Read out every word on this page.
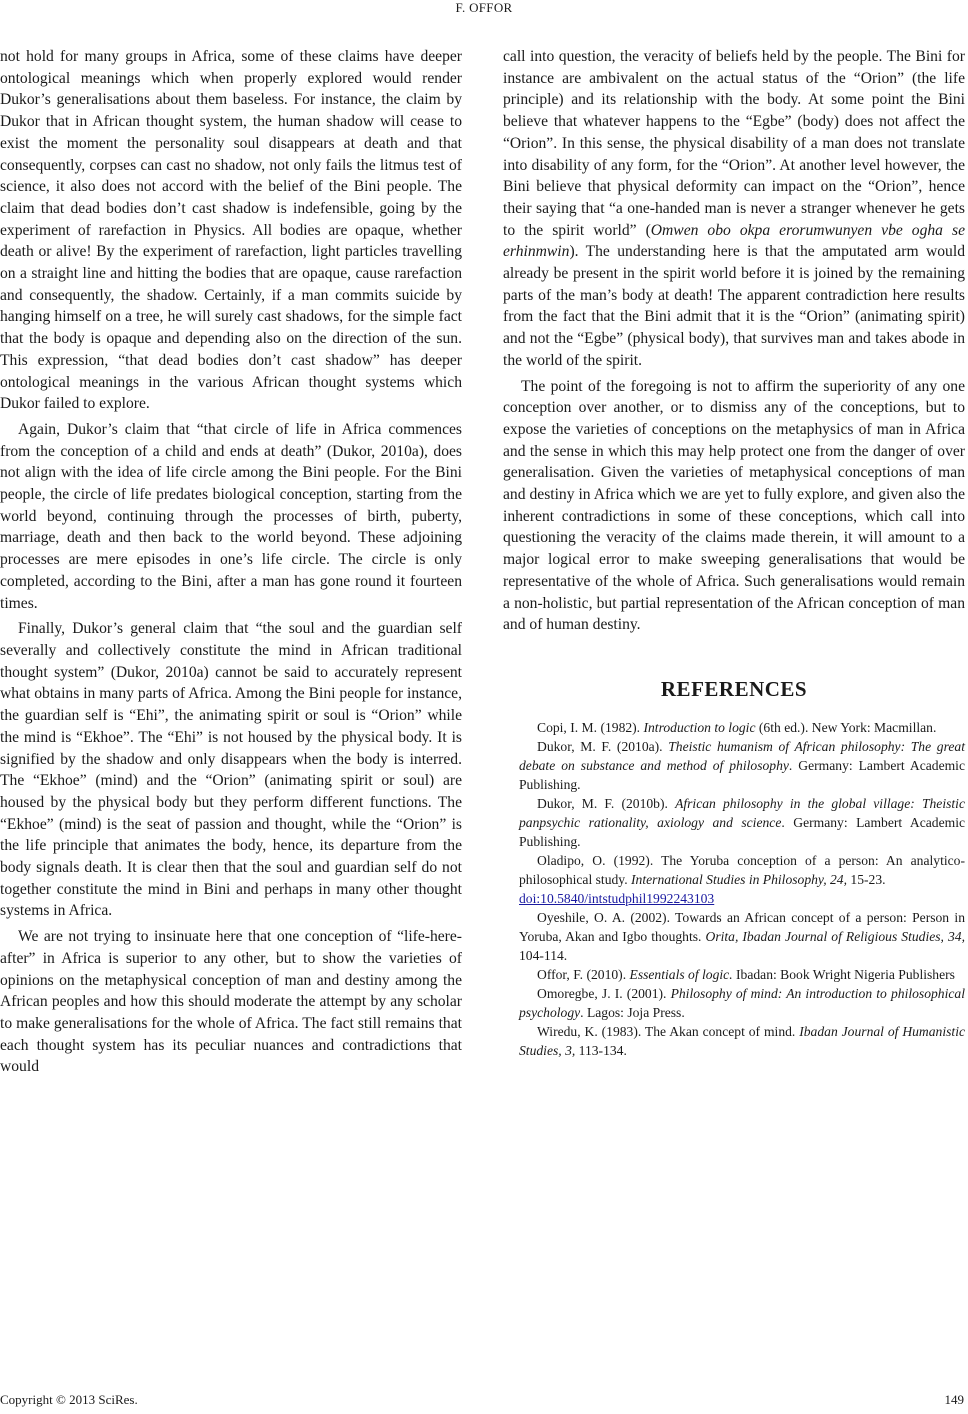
F. OFFOR

not hold for many groups in Africa, some of these claims have deeper ontological meanings which when properly explored would render Dukor’s generalisations about them baseless. For instance, the claim by Dukor that in African thought system, the human shadow will cease to exist the moment the personality soul disappears at death and that consequently, corpses can cast no shadow, not only fails the litmus test of science, it also does not accord with the belief of the Bini people. The claim that dead bodies don’t cast shadow is indefensible, going by the experiment of rarefaction in Physics. All bodies are opaque, whether death or alive! By the experiment of rarefaction, light particles travelling on a straight line and hitting the bodies that are opaque, cause rarefaction and consequently, the shadow. Certainly, if a man commits suicide by hanging himself on a tree, he will surely cast shadows, for the simple fact that the body is opaque and depending also on the direction of the sun. This expression, “that dead bodies don’t cast shadow” has deeper ontological meanings in the various African thought systems which Dukor failed to explore.

Again, Dukor’s claim that “that circle of life in Africa commences from the conception of a child and ends at death” (Dukor, 2010a), does not align with the idea of life circle among the Bini people. For the Bini people, the circle of life predates biological conception, starting from the world beyond, continuing through the processes of birth, puberty, marriage, death and then back to the world beyond. These adjoining processes are mere episodes in one’s life circle. The circle is only completed, according to the Bini, after a man has gone round it fourteen times.

Finally, Dukor’s general claim that “the soul and the guardian self severally and collectively constitute the mind in African traditional thought system” (Dukor, 2010a) cannot be said to accurately represent what obtains in many parts of Africa. Among the Bini people for instance, the guardian self is “Ehi”, the animating spirit or soul is “Orion” while the mind is “Ekhoe”. The “Ehi” is not housed by the physical body. It is signified by the shadow and only disappears when the body is interred. The “Ekhoe” (mind) and the “Orion” (animating spirit or soul) are housed by the physical body but they perform different functions. The “Ekhoe” (mind) is the seat of passion and thought, while the “Orion” is the life principle that animates the body, hence, its departure from the body signals death. It is clear then that the soul and guardian self do not together constitute the mind in Bini and perhaps in many other thought systems in Africa.

We are not trying to insinuate here that one conception of “life-here-after” in Africa is superior to any other, but to show the varieties of opinions on the metaphysical conception of man and destiny among the African peoples and how this should moderate the attempt by any scholar to make generalisations for the whole of Africa. The fact still remains that each thought system has its peculiar nuances and contradictions that would

call into question, the veracity of beliefs held by the people. The Bini for instance are ambivalent on the actual status of the “Orion” (the life principle) and its relationship with the body. At some point the Bini believe that whatever happens to the “Egbe” (body) does not affect the “Orion”. In this sense, the physical disability of a man does not translate into disability of any form, for the “Orion”. At another level however, the Bini believe that physical deformity can impact on the “Orion”, hence their saying that “a one-handed man is never a stranger whenever he gets to the spirit world” (Omwen obo okpa erorumwunyen vbe ogha se erhinmwin). The understanding here is that the amputated arm would already be present in the spirit world before it is joined by the remaining parts of the man’s body at death! The apparent contradiction here results from the fact that the Bini admit that it is the “Orion” (animating spirit) and not the “Egbe” (physical body), that survives man and takes abode in the world of the spirit.

The point of the foregoing is not to affirm the superiority of any one conception over another, or to dismiss any of the conceptions, but to expose the varieties of conceptions on the metaphysics of man in Africa and the sense in which this may help protect one from the danger of over generalisation. Given the varieties of metaphysical conceptions of man and destiny in Africa which we are yet to fully explore, and given also the inherent contradictions in some of these conceptions, which call into questioning the veracity of the claims made therein, it will amount to a major logical error to make sweeping generalisations that would be representative of the whole of Africa. Such generalisations would remain a non-holistic, but partial representation of the African conception of man and of human destiny.

REFERENCES

Copi, I. M. (1982). Introduction to logic (6th ed.). New York: Macmillan.

Dukor, M. F. (2010a). Theistic humanism of African philosophy: The great debate on substance and method of philosophy. Germany: Lambert Academic Publishing.

Dukor, M. F. (2010b). African philosophy in the global village: Theistic panpsychic rationality, axiology and science. Germany: Lambert Academic Publishing.

Oladipo, O. (1992). The Yoruba conception of a person: An analytico-philosophical study. International Studies in Philosophy, 24, 15-23.
doi:10.5840/intstudphil1992243103

Oyeshile, O. A. (2002). Towards an African concept of a person: Person in Yoruba, Akan and Igbo thoughts. Orita, Ibadan Journal of Religious Studies, 34, 104-114.

Offor, F. (2010). Essentials of logic. Ibadan: Book Wright Nigeria Publishers

Omoregbe, J. I. (2001). Philosophy of mind: An introduction to philosophical psychology. Lagos: Joja Press.

Wiredu, K. (1983). The Akan concept of mind. Ibadan Journal of Humanistic Studies, 3, 113-134.

Copyright © 2013 SciRes.	149
